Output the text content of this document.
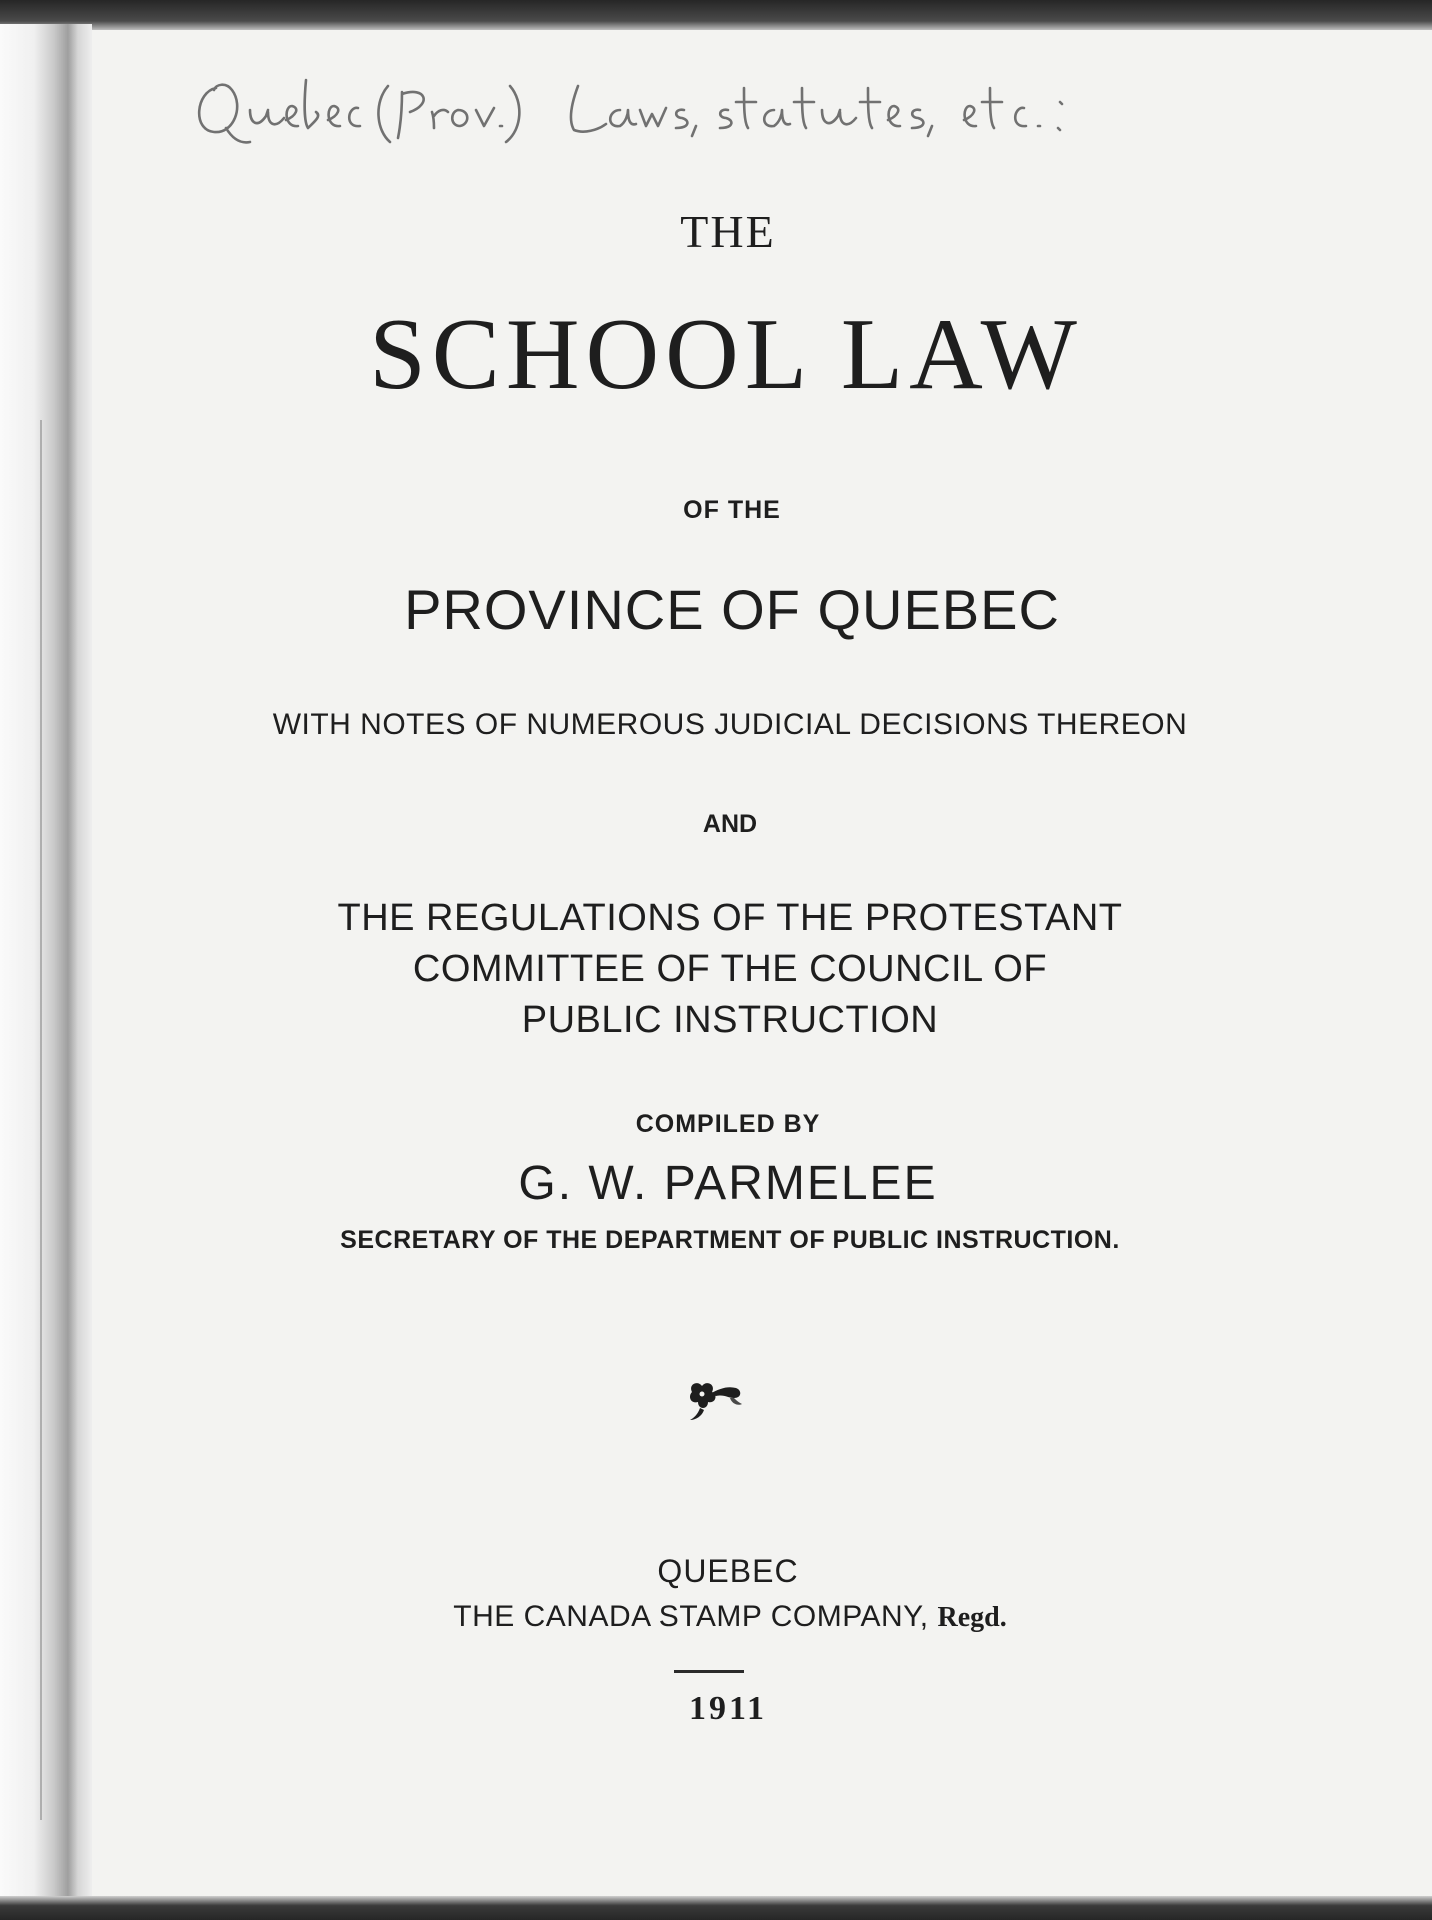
THE
SCHOOL LAW
OF THE
PROVINCE OF QUEBEC
WITH NOTES OF NUMEROUS JUDICIAL DECISIONS THEREON
AND
THE REGULATIONS OF THE PROTESTANT
COMMITTEE OF THE COUNCIL OF
PUBLIC INSTRUCTION
COMPILED BY
G. W. PARMELEE
SECRETARY OF THE DEPARTMENT OF PUBLIC INSTRUCTION.
QUEBEC
THE CANADA STAMP COMPANY, Regd.
1911
